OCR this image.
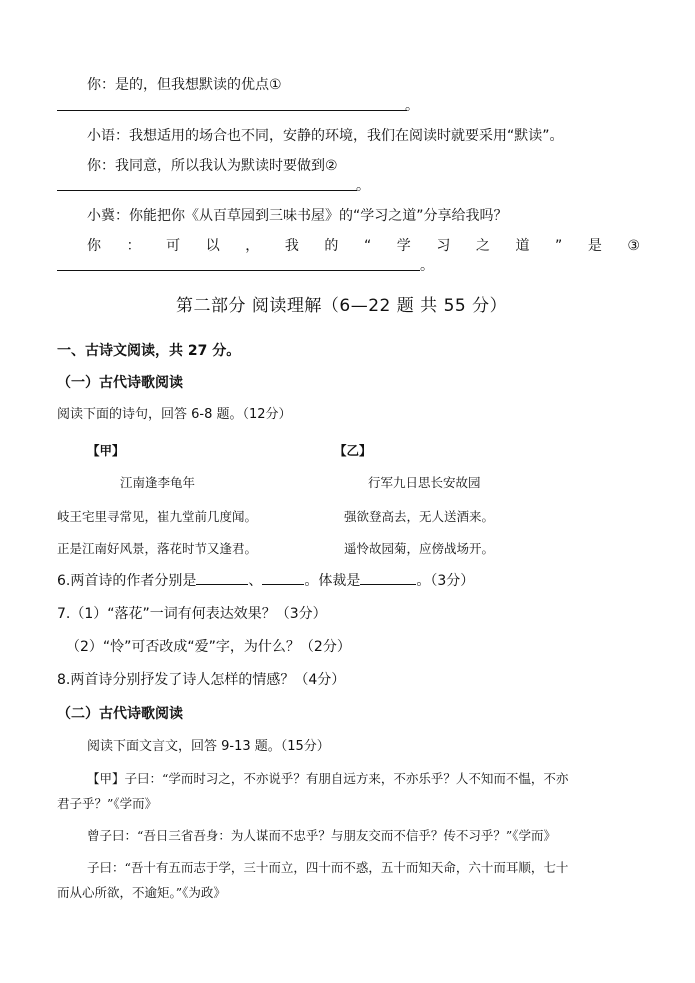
你：是的，但我想默读的优点①
。
小语：我想适用的场合也不同，安静的环境，我们在阅读时就要采用“默读”。
你：我同意，所以我认为默读时要做到②
。
小冀：你能把你《从百草园到三味书屋》的“学习之道”分享给我吗？
你 ： 可 以 ， 我 的 “ 学 习 之 道 ” 是 ③
。
第二部分 阅读理解（6—22 题 共 55 分）
一、古诗文阅读，共 27 分。
（一）古代诗歌阅读
阅读下面的诗句，回答 6-8 题。（12分）
【甲】	【乙】
江南逢李龟年	行军九日思长安故园
岐王宅里寻常见，崔九堂前几度闻。	强欲登高去，无人送酒来。
正是江南好风景，落花时节又逢君。	遥怜故园菊，应傍战场开。
6.两首诗的作者分别是	、	。体裁是	。（3分）
7.（1）“落花”一词有何表达效果？（3分）
（2）“怜”可否改成“爱”字，为什么？（2分）
8.两首诗分别抒发了诗人怎样的情感？（4分）
（二）古代诗歌阅读
阅读下面文言文，回答 9-13 题。（15分）
【甲】子曰：“学而时习之，不亦说乎？有朋自远方来，不亦乐乎？人不知而不愠，不亦
君子乎？”《学而》
曾子曰：“吾日三省吾身：为人谋而不忠乎？与朋友交而不信乎？传不习乎？”《学而》
子曰：“吾十有五而志于学，三十而立，四十而不惑，五十而知天命，六十而耳顺，七十
而从心所欲，不逾矩。”《为政》
